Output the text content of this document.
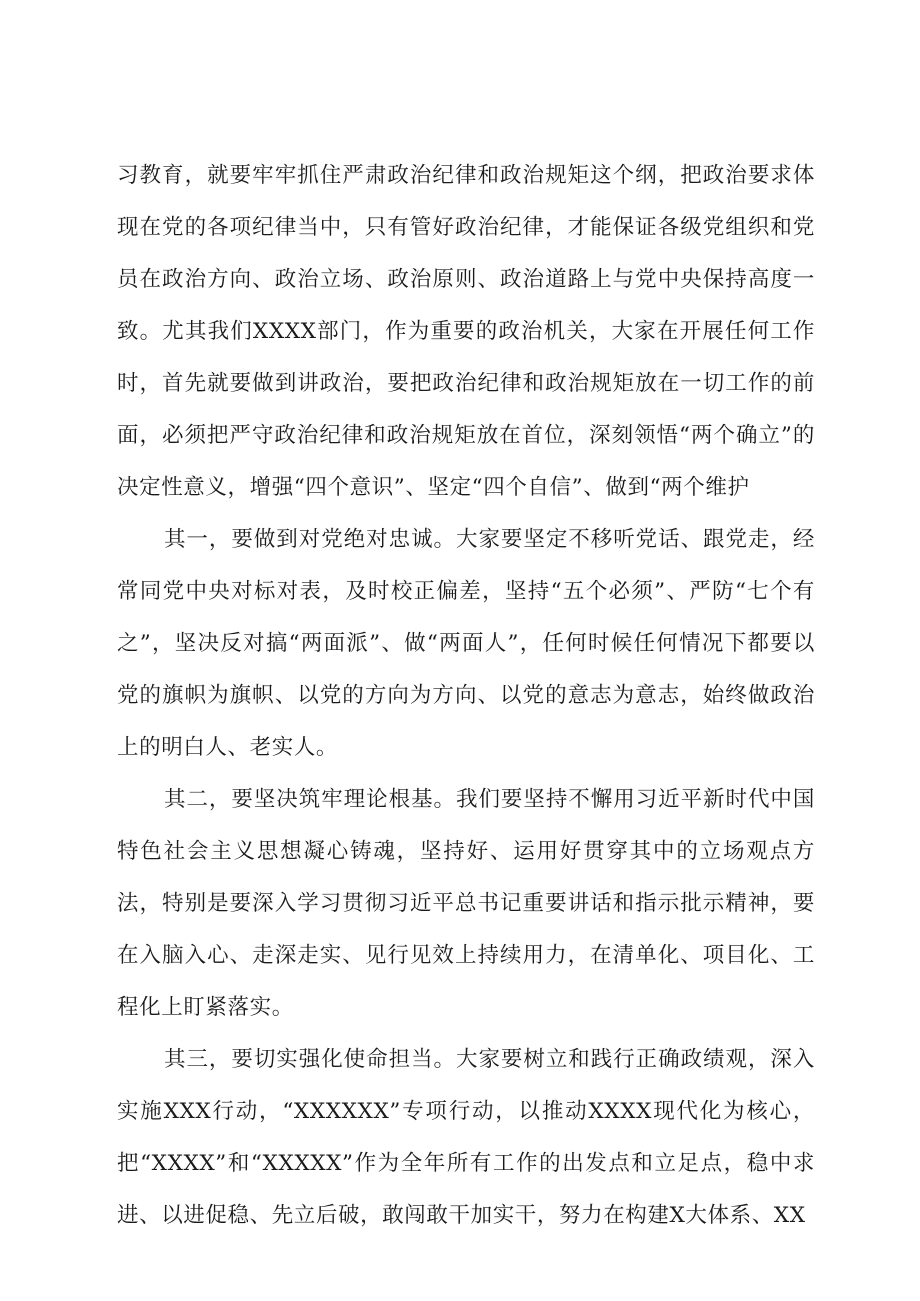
习教育，就要牢牢抓住严肃政治纪律和政治规矩这个纲，把政治要求体现在党的各项纪律当中，只有管好政治纪律，才能保证各级党组织和党员在政治方向、政治立场、政治原则、政治道路上与党中央保持高度一致。尤其我们XXXX部门，作为重要的政治机关，大家在开展任何工作时，首先就要做到讲政治，要把政治纪律和政治规矩放在一切工作的前面，必须把严守政治纪律和政治规矩放在首位，深刻领悟“两个确立”的决定性意义，增强“四个意识”、坚定“四个自信”、做到“两个维护

其一，要做到对党绝对忠诚。大家要坚定不移听党话、跟党走，经常同党中央对标对表，及时校正偏差，坚持“五个必须”、严防“七个有之”，坚决反对搞“两面派”、做“两面人”，任何时候任何情况下都要以党的旗帜为旗帜、以党的方向为方向、以党的意志为意志，始终做政治上的明白人、老实人。

其二，要坚决筑牢理论根基。我们要坚持不懈用习近平新时代中国特色社会主义思想凝心铸魂，坚持好、运用好贯穿其中的立场观点方法，特别是要深入学习贯彻习近平总书记重要讲话和指示批示精神，要在入脑入心、走深走实、见行见效上持续用力，在清单化、项目化、工程化上盯紧落实。

其三，要切实强化使命担当。大家要树立和践行正确政绩观，深入实施XXX行动，“XXXXXX”专项行动，以推动XXXX现代化为核心，把“XXXX”和“XXXXX”作为全年所有工作的出发点和立足点，稳中求进、以进促稳、先立后破，敢闯敢干加实干，努力在构建X大体系、XX
